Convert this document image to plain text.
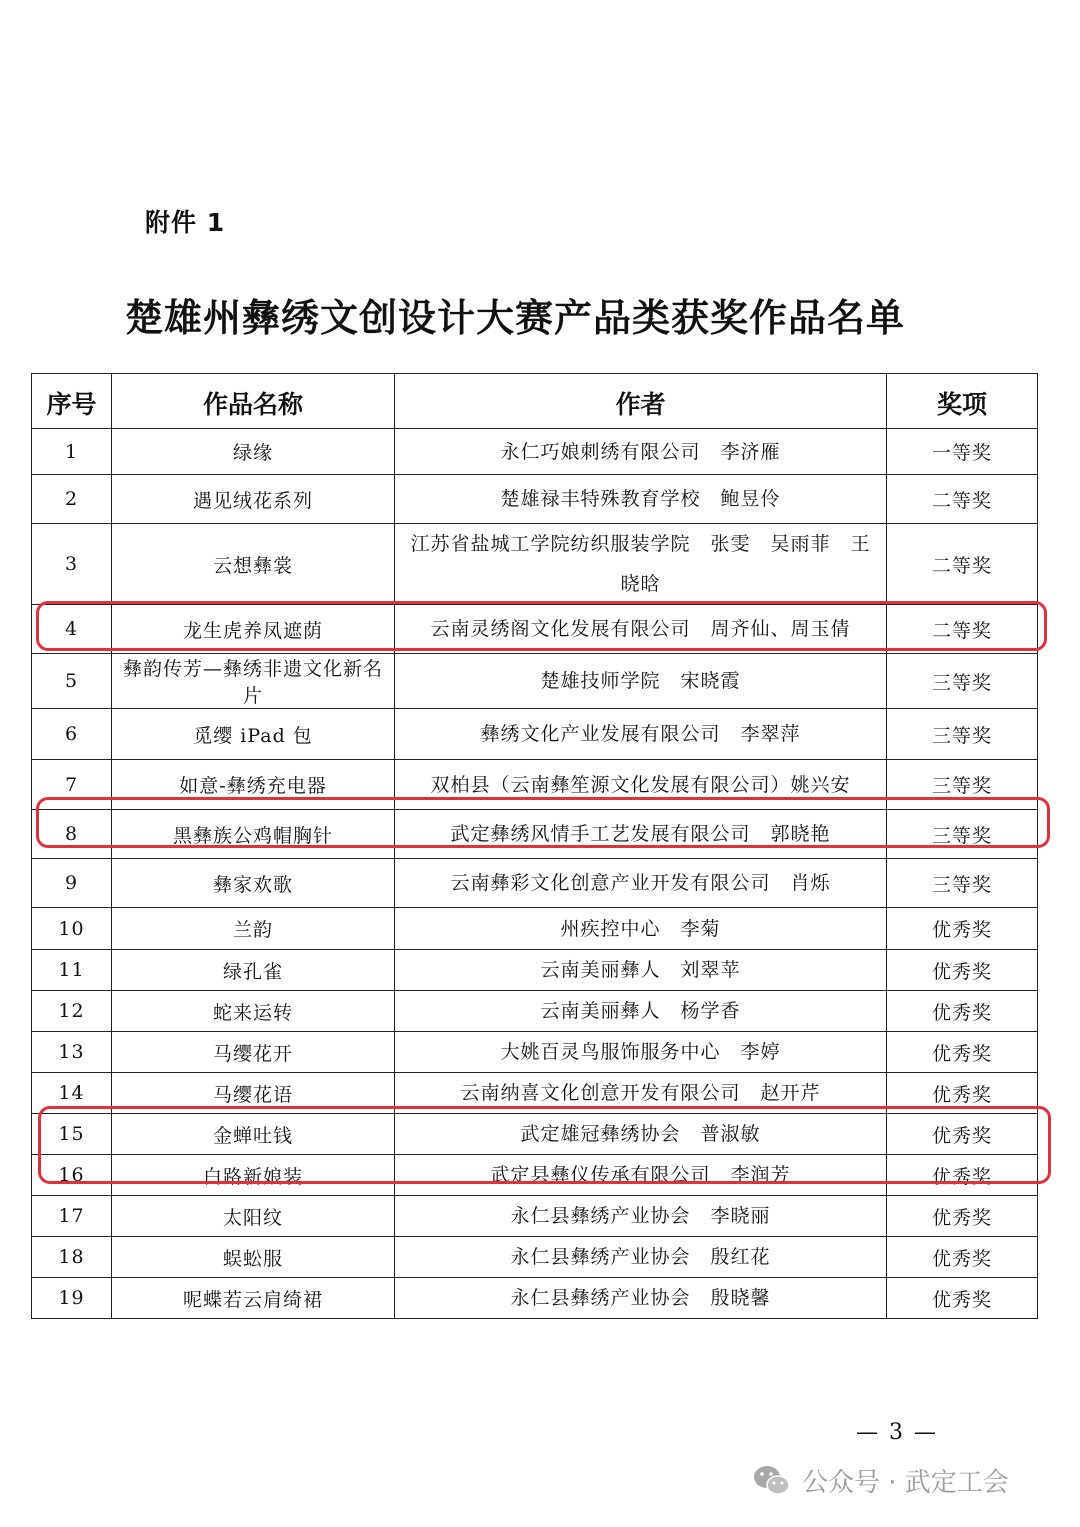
附件 1
楚雄州彝绣文创设计大赛产品类获奖作品名单
序号	作品名称	作者	奖项
1	绿缘	永仁巧娘刺绣有限公司　李济雁	一等奖
2	遇见绒花系列	楚雄禄丰特殊教育学校　鲍昱伶	二等奖
3	云想彝裳	江苏省盐城工学院纺织服装学院　张雯　吴雨菲　王晓晗	二等奖
4	龙生虎养凤遮荫	云南灵绣阁文化发展有限公司　周齐仙、周玉倩	二等奖
5	彝韵传芳—彝绣非遗文化新名片	楚雄技师学院　宋晓霞	三等奖
6	觅缨 iPad 包	彝绣文化产业发展有限公司　李翠萍	三等奖
7	如意-彝绣充电器	双柏县（云南彝笙源文化发展有限公司）姚兴安	三等奖
8	黑彝族公鸡帽胸针	武定彝绣风情手工艺发展有限公司　郭晓艳	三等奖
9	彝家欢歌	云南彝彩文化创意产业开发有限公司　肖烁	三等奖
10	兰韵	州疾控中心　李菊	优秀奖
11	绿孔雀	云南美丽彝人　刘翠苹	优秀奖
12	蛇来运转	云南美丽彝人　杨学香	优秀奖
13	马缨花开	大姚百灵鸟服饰服务中心　李婷	优秀奖
14	马缨花语	云南纳喜文化创意开发有限公司　赵开芹	优秀奖
15	金蝉吐钱	武定雄冠彝绣协会　普淑敏	优秀奖
16	白路新娘装	武定县彝仪传承有限公司　李润芳	优秀奖
17	太阳纹	永仁县彝绣产业协会　李晓丽	优秀奖
18	蜈蚣服	永仁县彝绣产业协会　殷红花	优秀奖
19	呢蝶若云肩绮裙	永仁县彝绣产业协会　殷晓馨	优秀奖
— 3 —
公众号 · 武定工会
